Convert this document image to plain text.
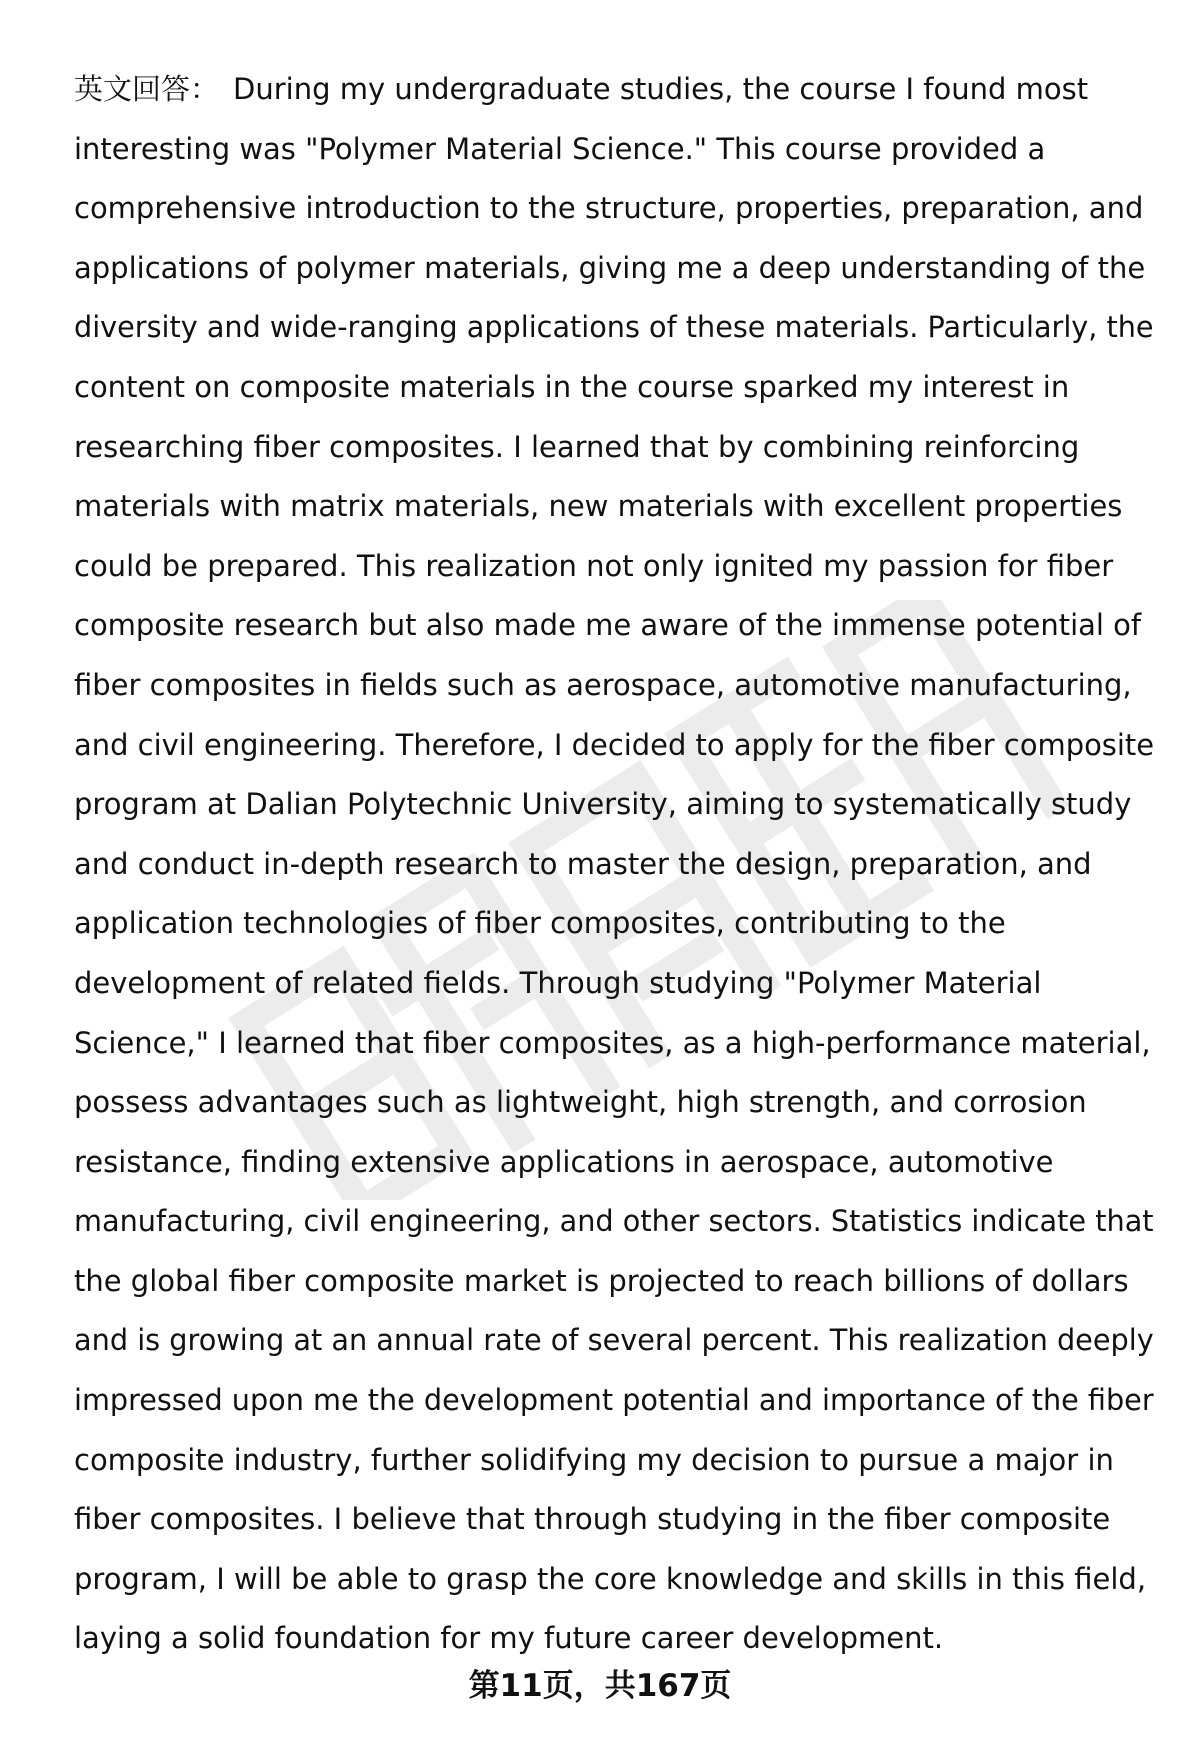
英文回答： During my undergraduate studies, the course I found most
interesting was "Polymer Material Science." This course provided a
comprehensive introduction to the structure, properties, preparation, and
applications of polymer materials, giving me a deep understanding of the
diversity and wide-ranging applications of these materials. Particularly, the
content on composite materials in the course sparked my interest in
researching fiber composites. I learned that by combining reinforcing
materials with matrix materials, new materials with excellent properties
could be prepared. This realization not only ignited my passion for fiber
composite research but also made me aware of the immense potential of
fiber composites in fields such as aerospace, automotive manufacturing,
and civil engineering. Therefore, I decided to apply for the fiber composite
program at Dalian Polytechnic University, aiming to systematically study
and conduct in-depth research to master the design, preparation, and
application technologies of fiber composites, contributing to the
development of related fields. Through studying "Polymer Material
Science," I learned that fiber composites, as a high-performance material,
possess advantages such as lightweight, high strength, and corrosion
resistance, finding extensive applications in aerospace, automotive
manufacturing, civil engineering, and other sectors. Statistics indicate that
the global fiber composite market is projected to reach billions of dollars
and is growing at an annual rate of several percent. This realization deeply
impressed upon me the development potential and importance of the fiber
composite industry, further solidifying my decision to pursue a major in
fiber composites. I believe that through studying in the fiber composite
program, I will be able to grasp the core knowledge and skills in this field,
laying a solid foundation for my future career development.
第11页，共167页
